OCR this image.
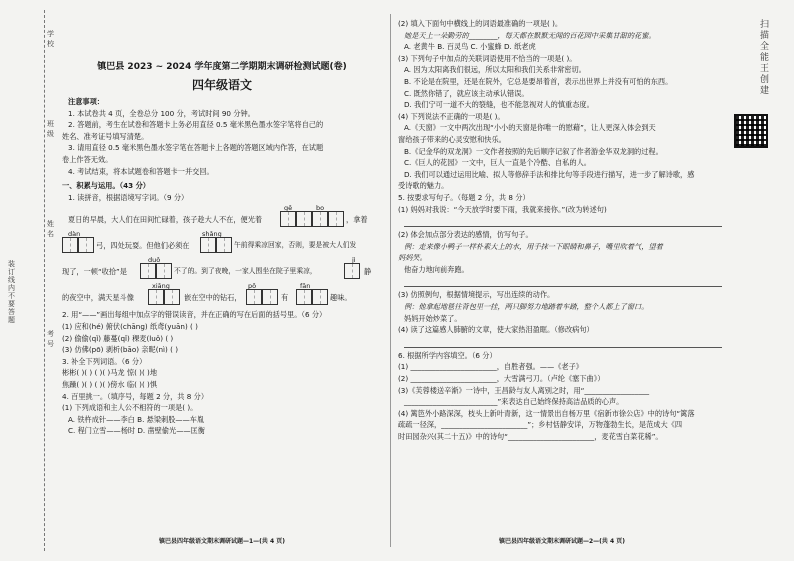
学
校
班
级
姓
名
考
号
装订线内不要答题
镇巴县 2023 ~ 2024 学年度第二学期期末调研检测试题(卷)
四年级语文
注意事项：
1. 本试卷共 4 页，全卷总分 100 分，考试时间 90 分钟。
2. 答题前，考生在试卷和答题卡上务必用直径 0.5 毫米黑色墨水签字笔将自己的
姓名、准考证号填写清楚。
3. 请用直径 0.5 毫米黑色墨水签字笔在答题卡上各题的答题区域内作答，在试题
卷上作答无效。
4. 考试结束，将本试题卷和答题卡一并交回。
一、积累与运用。（43 分）
1. 读拼音，根据语境写字词。（9 分）
夏日的早晨，大人们在田间忙碌着，孩子趁大人不在，便光着
gē	bo
，拿着
dàn
弓，四处玩耍。但他们必须在
shǎng
午前得乘凉回家，否则，要是被大人们发
现了，一顿“收拾”是
duǒ
不了的。到了夜晚，一家人围坐在院子里乘凉，
jì
静
的夜空中，满天星斗像
xiāng
嵌在空中的钻石，
pō
有
fān
趣味。
2. 用“——”画出每组中加点字的错误读音，并在正确的写在后面的括号里。（6 分）
(1) 应和(hé) 俯伏(chāng) 纸鸢(yuān) ( )
(2) 偷偷(qǐ) 藤蔓(qǐ) 稞麦(luǒ) ( )
(3) 仿佛(pō) 剥析(bāo) 亲昵(nì) ( )
3. 补全下列词语。（6 分）
彬彬( )( ) ( )( )马龙 惊( )( )地
焦躁( )( ) ( )( )傍水 临( )( )惧
4. 百里挑一。（填序号，每题 2 分，共 8 分）
(1) 下列成语和主人公不相符的一项是( )。
A. 铁杵成针——李白 B. 悬梁刺股——车胤
C. 程门立雪——杨时 D. 凿壁偷光——匡衡
镇巴县四年级语文期末调研试题—1—(共 4 页)
(2) 填入下面句中横线上的词语最准确的一项是( )。
她是天上一朵勤劳的________，每天都在默默无闻的百花园中采集甘甜的花蜜。
A. 老黄牛 B. 百灵鸟 C. 小蜜蜂 D. 纸老虎
(3) 下列句子中加点的关联词语使用不恰当的一项是( )。
A. 因为太阳离我们很远，所以太阳和我们关系非常密切。
B. 不论是在院里，还是在院外，它总是要昂着首，表示出世界上并没有可怕的东西。
C. 既然你错了，就应该主动承认错误。
D. 我们宁可一道不大的裂缝，也不能忽视对人的慎重态度。
(4) 下列说法不正确的一项是( )。
A.《天窗》一文中两次出现“小小的天窗是你唯一的慰藉”，让人更深入体会到天
窗给孩子带来的心灵安慰和快乐。
B.《记金华的双龙洞》一文作者按照的先后顺序记叙了作者游金华双龙洞的过程。
C.《巨人的花园》一文中，巨人一直是个冷酷、自私的人。
D. 我们可以通过运用比喻、拟人等修辞手法和排比句等手段进行描写，进一步了解诗歌，感
受诗歌的魅力。
5. 按要求写句子。（每题 2 分，共 8 分）
(1) 妈妈对我说：“今天放学时要下雨，我就来接你。”(改为转述句)
(2) 体会加点部分表达的感情，仿写句子。
例：走来像小鸭子一样朴素大上的水，用手抹一下眼睛和鼻子，嘴里吹着气，望着
妈妈笑。
他奋力地向前奔跑。
(3) 仿照例句，根据情境提示，写出连续的动作。
例：他拿起地毯往背包里一挂，两只脚努力地踏着车踏，整个人都上了窗口。
妈妈开始炒菜了。
(4) 读了这篇感人肺腑的文章，使大家热泪盈眶。（修改病句）
6. 根据所学内容填空。（6 分）
(1) ________________________，自胜者强。——《老子》
(2) ________________________，大雪满弓刀。（卢纶《塞下曲》）
(3)《芙蓉楼送辛渐》一诗中，王昌龄与友人离别之时，用“__________________
__________________________”来表达自己始终保持高洁品质的心声。
(4) 篱笆外小路深深，枝头上新叶青新，这一情景出自杨万里《宿新市徐公店》中的诗句“篱落
疏疏一径深，________________________”；乡村恬静安详，万物蓬勃生长，是范成大《四
时田园杂兴(其二十五)》中的诗句“________________________，麦花雪白菜花稀”。
镇巴县四年级语文期末调研试题—2—(共 4 页)
扫描全能王 创建
